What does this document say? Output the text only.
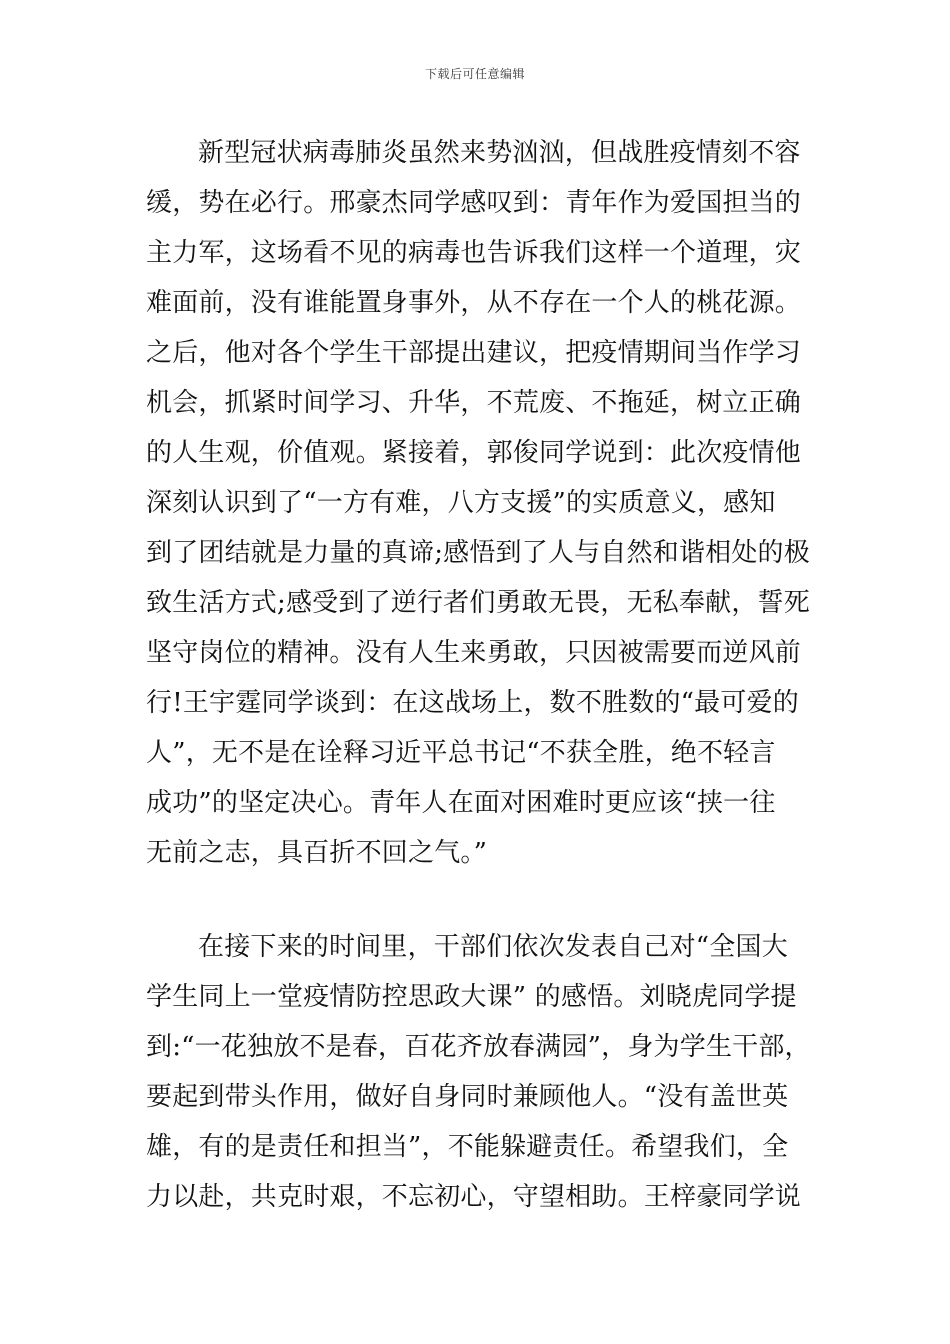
下载后可任意编辑
新型冠状病毒肺炎虽然来势汹汹，但战胜疫情刻不容
缓，势在必行。邢豪杰同学感叹到：青年作为爱国担当的
主力军，这场看不见的病毒也告诉我们这样一个道理，灾
难面前，没有谁能置身事外，从不存在一个人的桃花源。
之后，他对各个学生干部提出建议，把疫情期间当作学习
机会，抓紧时间学习、升华，不荒废、不拖延，树立正确
的人生观，价值观。紧接着，郭俊同学说到：此次疫情他
深刻认识到了“一方有难，八方支援”的实质意义，感知
到了团结就是力量的真谛;感悟到了人与自然和谐相处的极
致生活方式;感受到了逆行者们勇敢无畏，无私奉献，誓死
坚守岗位的精神。没有人生来勇敢，只因被需要而逆风前
行!王宇霆同学谈到：在这战场上，数不胜数的“最可爱的
人”，无不是在诠释习近平总书记“不获全胜，绝不轻言
成功”的坚定决心。青年人在面对困难时更应该“挟一往
无前之志，具百折不回之气。”
在接下来的时间里，干部们依次发表自己对“全国大
学生同上一堂疫情防控思政大课” 的感悟。刘晓虎同学提
到:“一花独放不是春，百花齐放春满园”，身为学生干部，
要起到带头作用，做好自身同时兼顾他人。“没有盖世英
雄，有的是责任和担当”，不能躲避责任。希望我们，全
力以赴，共克时艰，不忘初心，守望相助。王梓豪同学说
